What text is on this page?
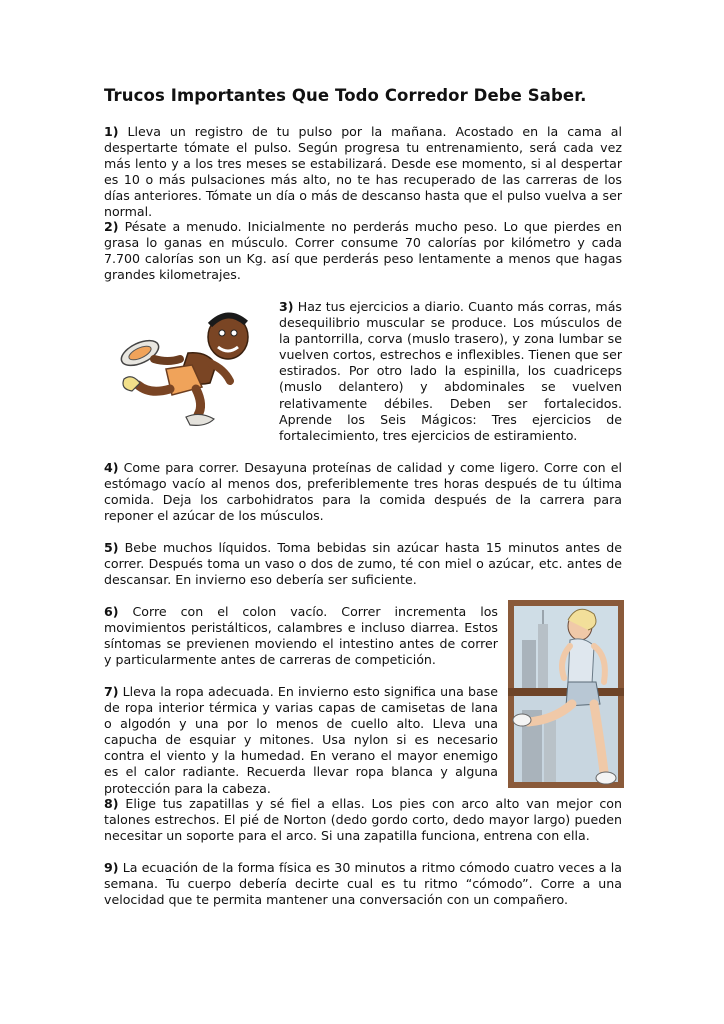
Trucos Importantes Que Todo Corredor Debe Saber.

1) Lleva un registro de tu pulso por la mañana. Acostado en la cama al despertarte tómate el pulso. Según progresa tu entrenamiento, será cada vez más lento y a los tres meses se estabilizará. Desde ese momento, si al despertar es 10 o más pulsaciones más alto, no te has recuperado de las carreras de los días anteriores. Tómate un día o más de descanso hasta que el pulso vuelva a ser normal.

2) Pésate a menudo. Inicialmente no perderás mucho peso. Lo que pierdes en grasa lo ganas en músculo. Correr consume 70 calorías por kilómetro y cada 7.700 calorías son un Kg. así que perderás peso lentamente a menos que hagas grandes kilometrajes.

3) Haz tus ejercicios a diario. Cuanto más corras, más desequilibrio muscular se produce. Los músculos de la pantorrilla, corva (muslo trasero), y zona lumbar se vuelven cortos, estrechos e inflexibles. Tienen que ser estirados. Por otro lado la espinilla, los cuadriceps (muslo delantero) y abdominales se vuelven relativamente débiles. Deben ser fortalecidos. Aprende los Seis Mágicos: Tres ejercicios de fortalecimiento, tres ejercicios de estiramiento.

4) Come para correr. Desayuna proteínas de calidad y come ligero. Corre con el estómago vacío al menos dos, preferiblemente tres horas después de tu última comida. Deja los carbohidratos para la comida después de la carrera para reponer el azúcar de los músculos.

5) Bebe muchos líquidos. Toma bebidas sin azúcar hasta 15 minutos antes de correr. Después toma un vaso o dos de zumo, té con miel o azúcar, etc. antes de descansar. En invierno eso debería ser suficiente.

6) Corre con el colon vacío. Correr incrementa los movimientos peristálticos, calambres e incluso diarrea. Estos síntomas se previenen moviendo el intestino antes de correr y particularmente antes de carreras de competición.

7) Lleva la ropa adecuada. En invierno esto significa una base de ropa interior térmica y varias capas de camisetas de lana o algodón y una por lo menos de cuello alto. Lleva una capucha de esquiar y mitones. Usa nylon si es necesario contra el viento y la humedad. En verano el mayor enemigo es el calor radiante. Recuerda llevar ropa blanca y alguna protección para la cabeza.

8) Elige tus zapatillas y sé fiel a ellas. Los pies con arco alto van mejor con talones estrechos. El pié de Norton (dedo gordo corto, dedo mayor largo) pueden necesitar un soporte para el arco. Si una zapatilla funciona, entrena con ella.

9) La ecuación de la forma física es 30 minutos a ritmo cómodo cuatro veces a la semana. Tu cuerpo debería decirte cual es tu ritmo “cómodo”. Corre a una velocidad que te permita mantener una conversación con un compañero.
